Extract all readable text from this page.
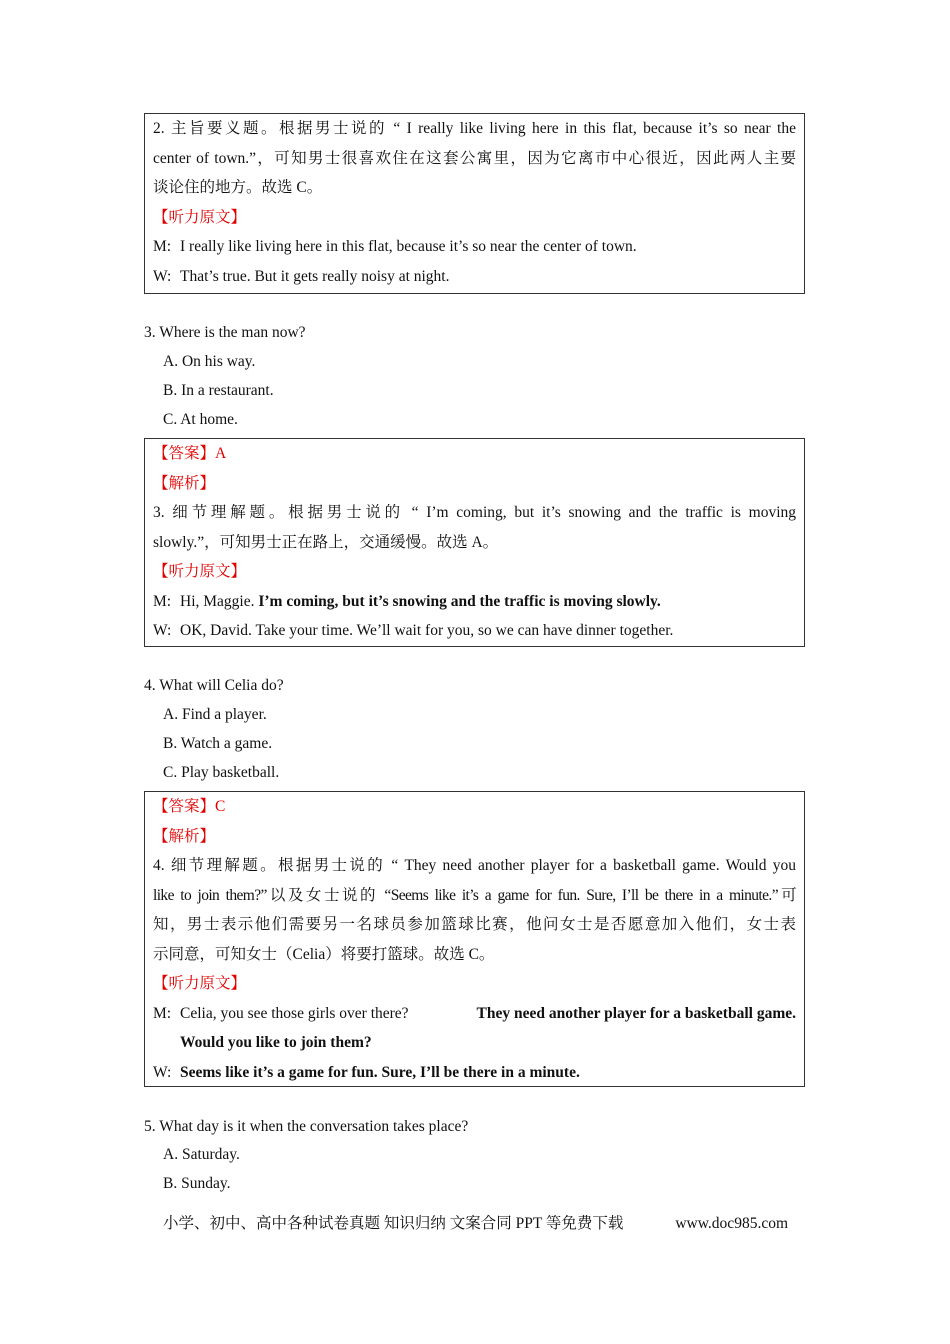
2. 主旨要义题。根据男士说的 “ I really like living here in this flat, because it’s so near the
center of town.”，可知男士很喜欢住在这套公寓里，因为它离市中心很近，因此两人主要
谈论住的地方。故选 C。
【听力原文】
M: I really like living here in this flat, because it’s so near the center of town.
W: That’s true. But it gets really noisy at night.
3. Where is the man now?
A. On his way.
B. In a restaurant.
C. At home.
【答案】A
【解析】
3. 细节理解题。根据男士说的 “ I’m coming, but it’s snowing and the traffic is moving
slowly.”，可知男士正在路上，交通缓慢。故选 A。
【听力原文】
M: Hi, Maggie. I’m coming, but it’s snowing and the traffic is moving slowly.
W: OK, David. Take your time. We’ll wait for you, so we can have dinner together.
4. What will Celia do?
A. Find a player.
B. Watch a game.
C. Play basketball.
【答案】C
【解析】
4. 细节理解题。根据男士说的 “ They need another player for a basketball game. Would you
like to join them?”以及女士说的 “Seems like it’s a game for fun. Sure, I’ll be there in a minute.”可
知，男士表示他们需要另一名球员参加篮球比赛，他问女士是否愿意加入他们，女士表
示同意，可知女士（Celia）将要打篮球。故选 C。
【听力原文】
M: Celia, you see those girls over there?	They need another player for a basketball game.
Would you like to join them?
W: Seems like it’s a game for fun. Sure, I’ll be there in a minute.
5. What day is it when the conversation takes place?
A. Saturday.
B. Sunday.
小学、初中、高中各种试卷真题 知识归纳 文案合同 PPT 等免费下载	www.doc985.com
